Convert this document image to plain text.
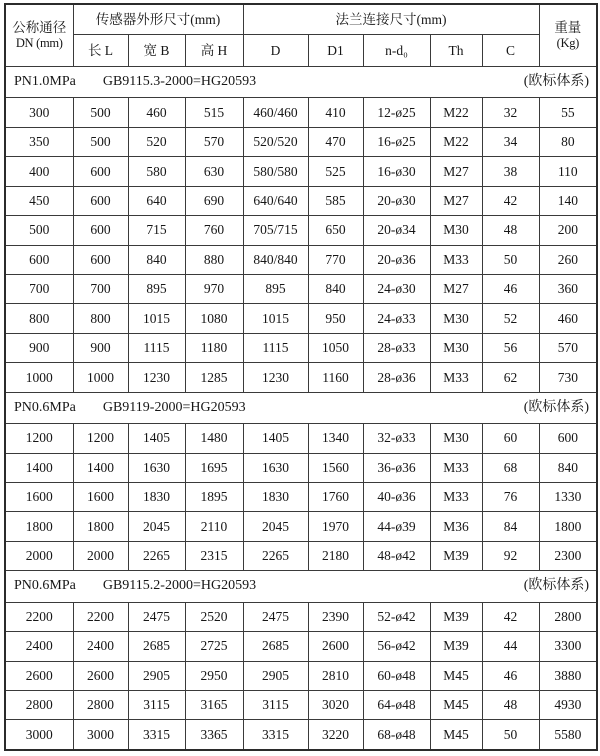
公称通径
DN (mm)
	传感器外形尺寸(mm)	法兰连接尺寸(mm)	
重量
(Kg)

	长 L	宽 B	高 H	D	D1	n-d₀	Th	C	

PN1.0MPa GB9115.3-2000=HG20593 (欧标体系)									

300	500	460	515	460/460	410	12-ø25	M22	32	55
350	500	520	570	520/520	470	16-ø25	M22	34	80
400	600	580	630	580/580	525	16-ø30	M27	38	110
450	600	640	690	640/640	585	20-ø30	M27	42	140
500	600	715	760	705/715	650	20-ø34	M30	48	200
600	600	840	880	840/840	770	20-ø36	M33	50	260
700	700	895	970	895	840	24-ø30	M27	46	360
800	800	1015	1080	1015	950	24-ø33	M30	52	460
900	900	1115	1180	1115	1050	28-ø33	M30	56	570
1000	1000	1230	1285	1230	1160	28-ø36	M33	62	730

PN0.6MPa GB9119-2000=HG20593 (欧标体系)									

1200	1200	1405	1480	1405	1340	32-ø33	M30	60	600
1400	1400	1630	1695	1630	1560	36-ø36	M33	68	840
1600	1600	1830	1895	1830	1760	40-ø36	M33	76	1330
1800	1800	2045	2110	2045	1970	44-ø39	M36	84	1800
2000	2000	2265	2315	2265	2180	48-ø42	M39	92	2300

PN0.6MPa GB9115.2-2000=HG20593 (欧标体系)									

2200	2200	2475	2520	2475	2390	52-ø42	M39	42	2800
2400	2400	2685	2725	2685	2600	56-ø42	M39	44	3300
2600	2600	2905	2950	2905	2810	60-ø48	M45	46	3880
2800	2800	3115	3165	3115	3020	64-ø48	M45	48	4930
3000	3000	3315	3365	3315	3220	68-ø48	M45	50	5580
